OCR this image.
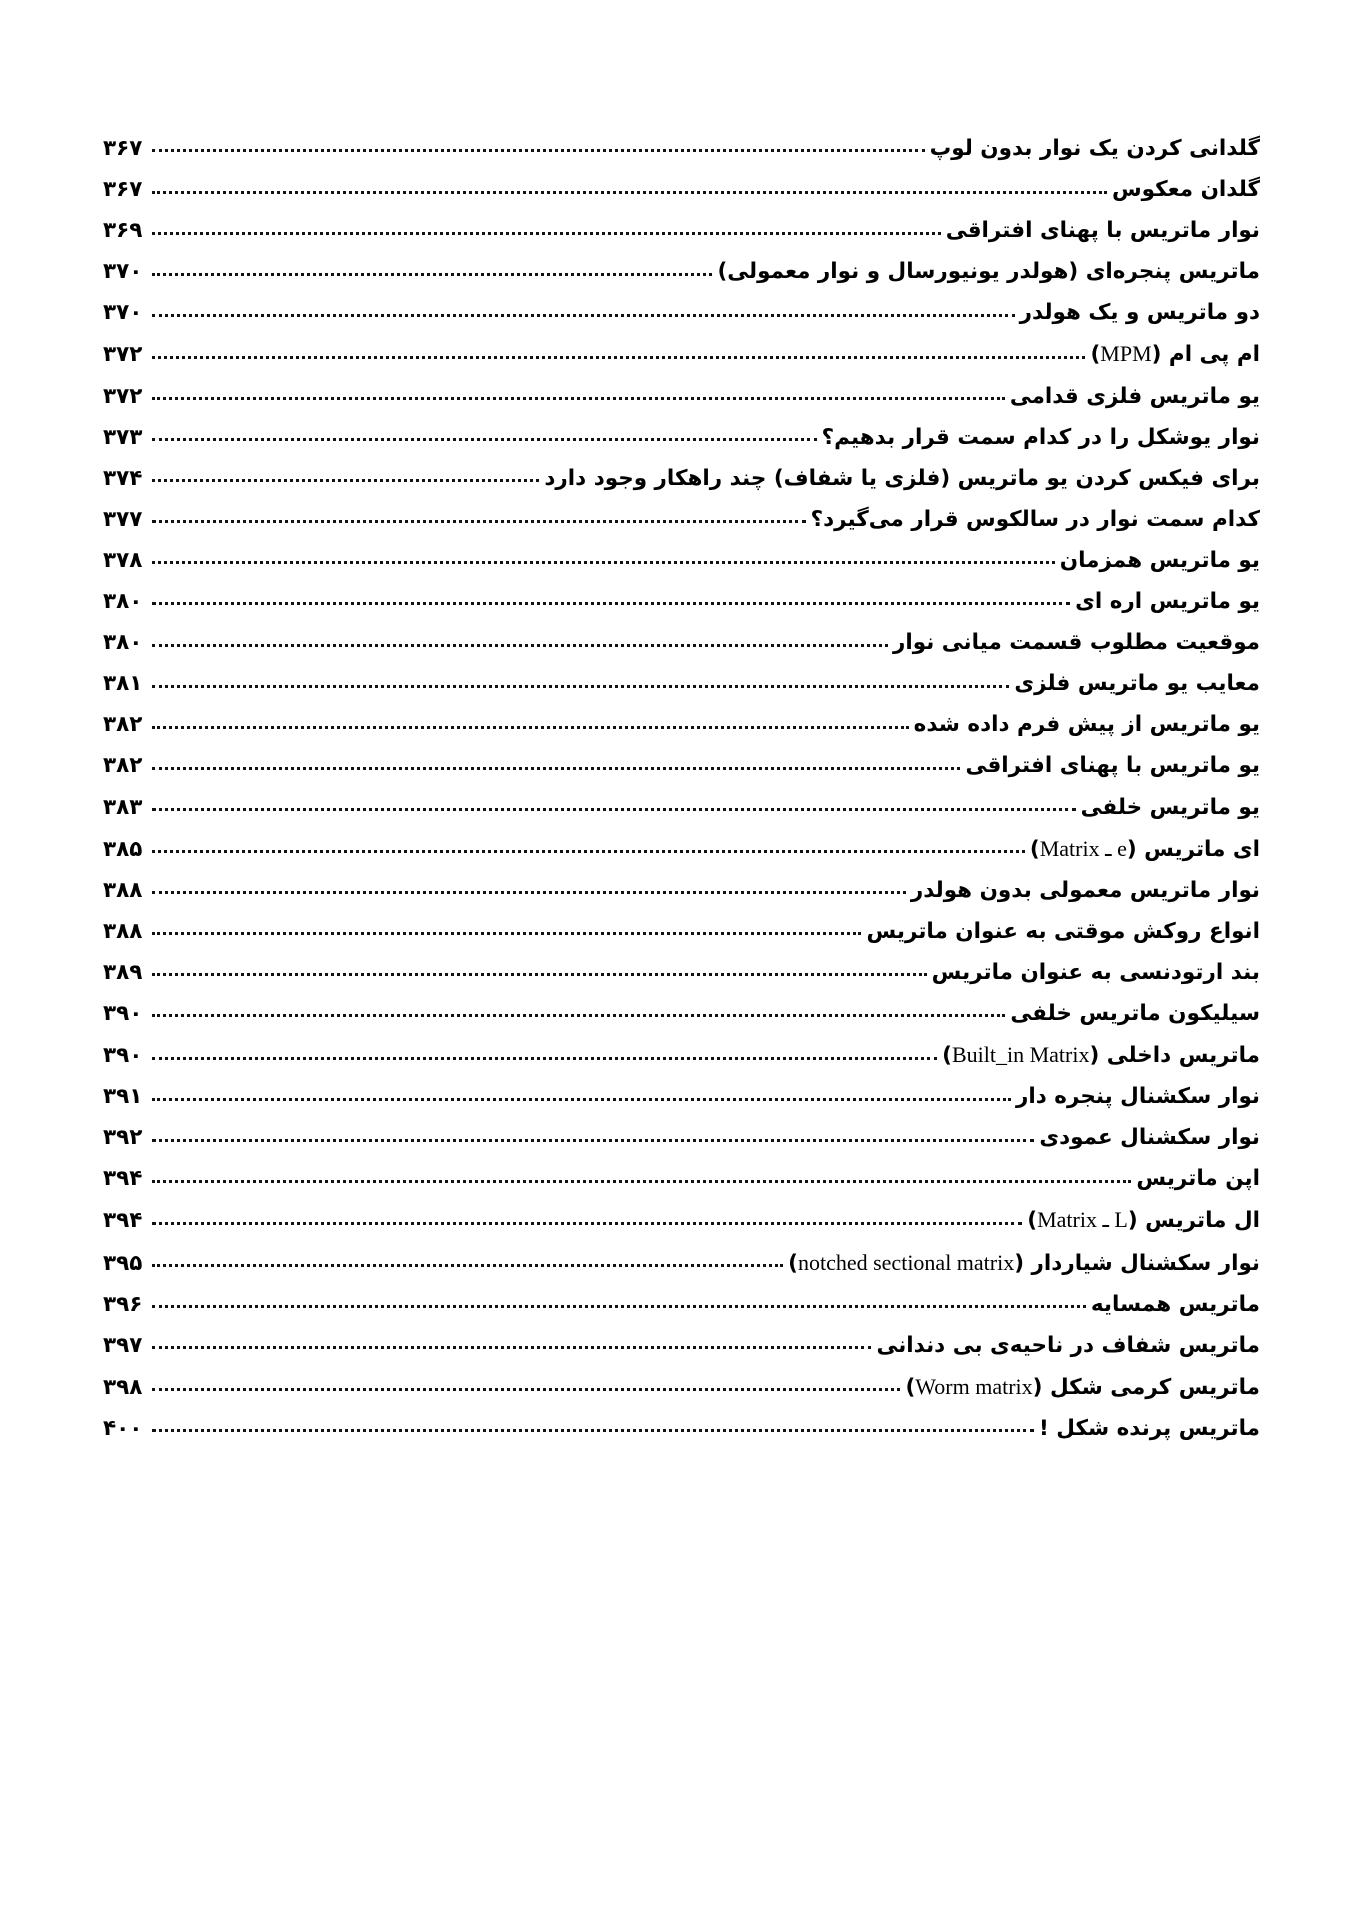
گلدانی کردن یک نوار بدون لوپ
۳۶۷
گلدان معکوس
۳۶۷
نوار ماتریس با پهنای افتراقی
۳۶۹
ماتریس پنجره‌ای (هولدر یونیورسال و نوار معمولی)
۳۷۰
دو ماتریس و یک هولدر
۳۷۰
ام پی ام (MPM)
۳۷۲
یو ماتریس فلزی قدامی
۳۷۲
نوار یوشکل را در کدام سمت قرار بدهیم؟
۳۷۳
برای فیکس کردن یو ماتریس (فلزی یا شفاف) چند راهکار وجود دارد
۳۷۴
کدام سمت نوار در سالکوس قرار می‌گیرد؟
۳۷۷
یو ماتریس همزمان
۳۷۸
یو ماتریس اره ای
۳۸۰
موقعیت مطلوب قسمت میانی نوار
۳۸۰
معایب یو ماتریس فلزی
۳۸۱
یو ماتریس از پیش فرم داده شده
۳۸۲
یو ماتریس با پهنای افتراقی
۳۸۲
یو ماتریس خلفی
۳۸۳
ای ماتریس (e ـ Matrix)
۳۸۵
نوار ماتریس معمولی بدون هولدر
۳۸۸
انواع روکش موقتی به عنوان ماتریس
۳۸۸
بند ارتودنسی به عنوان ماتریس
۳۸۹
سیلیکون ماتریس خلفی
۳۹۰
ماتریس داخلی (Built_in Matrix)
۳۹۰
نوار سکشنال پنجره دار
۳۹۱
نوار سکشنال عمودی
۳۹۲
اپن ماتریس
۳۹۴
ال ماتریس (L ـ Matrix)
۳۹۴
نوار سکشنال شیاردار (notched sectional matrix)
۳۹۵
ماتریس همسایه
۳۹۶
ماتریس شفاف در ناحیه‌ی بی دندانی
۳۹۷
ماتریس کرمی شکل (Worm matrix)
۳۹۸
ماتریس پرنده شکل !
۴۰۰
